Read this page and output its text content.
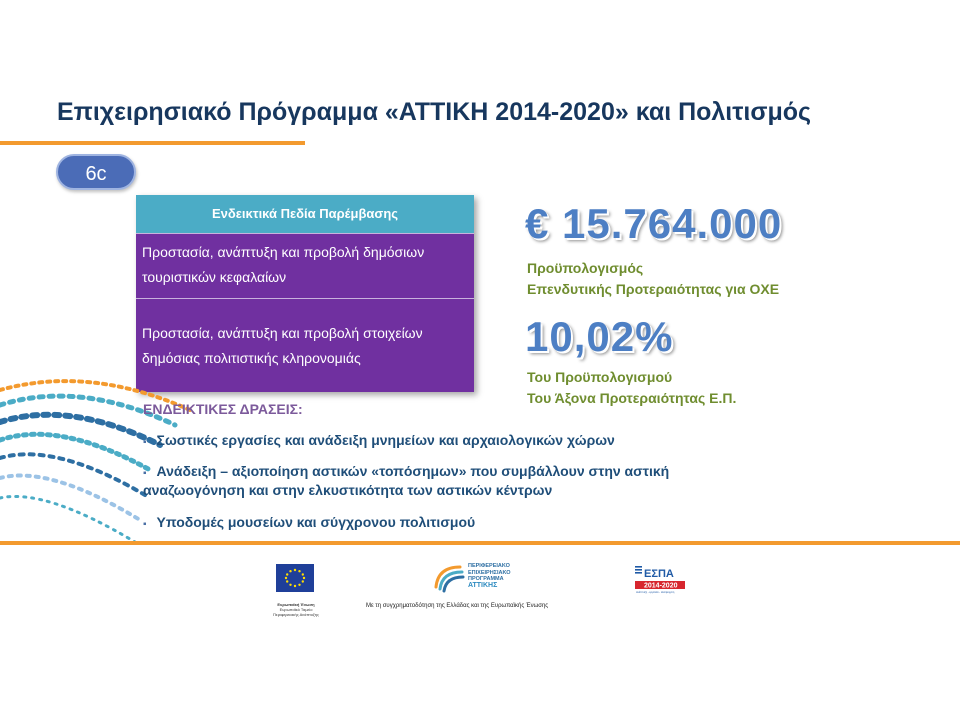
Επιχειρησιακό Πρόγραμμα «ΑΤΤΙΚΗ 2014-2020» και Πολιτισμός
6c
Ενδεικτικά Πεδία Παρέμβασης
Προστασία, ανάπτυξη και προβολή δημόσιων
τουριστικών κεφαλαίων
Προστασία, ανάπτυξη και προβολή στοιχείων
δημόσιας πολιτιστικής κληρονομιάς
€ 15.764.000
Προϋπολογισμός
Επενδυτικής Προτεραιότητας για ΟΧΕ
10,02%
Του Προϋπολογισμού
Του Άξονα Προτεραιότητας Ε.Π.
ΕΝΔΕΙΚΤΙΚΕΣ ΔΡΑΣΕΙΣ:
▪ Σωστικές εργασίες και ανάδειξη μνημείων και αρχαιολογικών χώρων
▪ Ανάδειξη – αξιοποίηση αστικών «τοπόσημων» που συμβάλλουν στην αστική
αναζωογόνηση και στην ελκυστικότητα των αστικών κέντρων
▪ Υποδομές μουσείων και σύγχρονου πολιτισμού
Ευρωπαϊκή Ένωση
Ευρωπαϊκό Ταμείο
Περιφερειακής Ανάπτυξης
ΠΕΡΙΦΕΡΕΙΑΚΟ
ΕΠΙΧΕΙΡΗΣΙΑΚΟ
ΠΡΟΓΡΑΜΜΑ
ΑΤΤΙΚΗΣ
ΕΣΠΑ
2014-2020
ανάπτυξη - εργασία - αλληλεγγύη
Με τη συγχρηματοδότηση της Ελλάδας και της Ευρωπαϊκής Ένωσης
